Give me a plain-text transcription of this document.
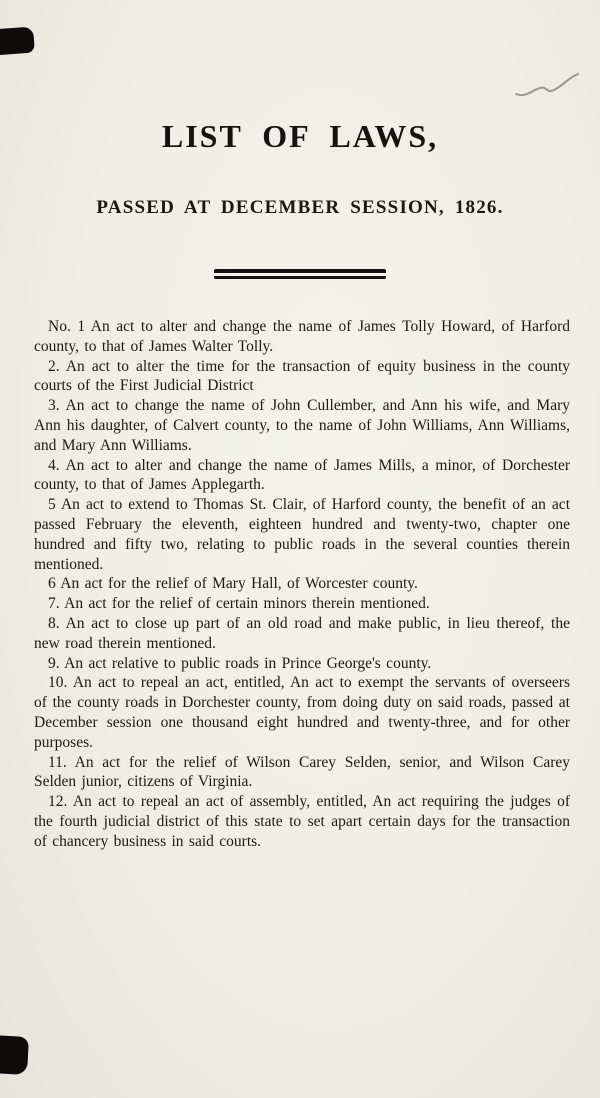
LIST OF LAWS,
PASSED AT DECEMBER SESSION, 1826.

No. 1 An act to alter and change the name of James Tolly Howard, of Harford county, to that of James Walter Tolly.

2. An act to alter the time for the transaction of equity business in the county courts of the First Judicial District

3. An act to change the name of John Cullember, and Ann his wife, and Mary Ann his daughter, of Calvert county, to the name of John Williams, Ann Williams, and Mary Ann Williams.

4. An act to alter and change the name of James Mills, a minor, of Dorchester county, to that of James Applegarth.

5 An act to extend to Thomas St. Clair, of Harford county, the benefit of an act passed February the eleventh, eighteen hundred and twenty-two, chapter one hundred and fifty two, relating to public roads in the several counties therein mentioned.

6 An act for the relief of Mary Hall, of Worcester county.

7. An act for the relief of certain minors therein mentioned.

8. An act to close up part of an old road and make public, in lieu thereof, the new road therein mentioned.

9. An act relative to public roads in Prince George's county.

10. An act to repeal an act, entitled, An act to exempt the servants of overseers of the county roads in Dorchester county, from doing duty on said roads, passed at December session one thousand eight hundred and twenty-three, and for other purposes.

11. An act for the relief of Wilson Carey Selden, senior, and Wilson Carey Selden junior, citizens of Virginia.

12. An act to repeal an act of assembly, entitled, An act requiring the judges of the fourth judicial district of this state to set apart certain days for the transaction of chancery business in said courts.
